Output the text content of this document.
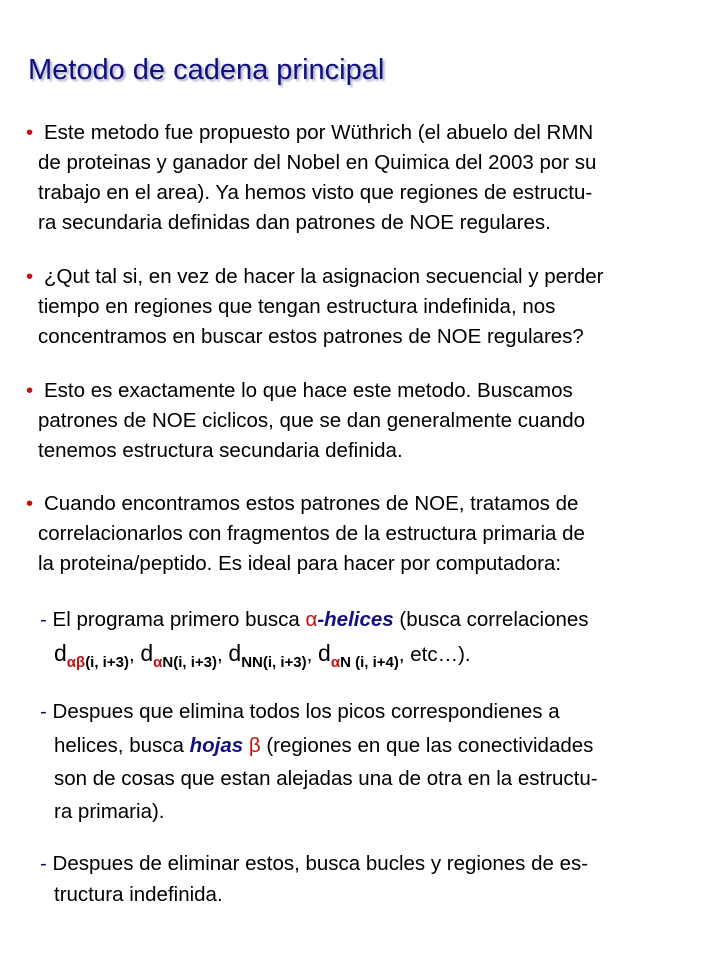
Metodo de cadena principal
• Este metodo fue propuesto por Wüthrich (el abuelo del RMN
de proteinas y ganador del Nobel en Quimica del 2003 por su
trabajo en el area). Ya hemos visto que regiones de estructu-
ra secundaria definidas dan patrones de NOE regulares.
• ¿Qut tal si, en vez de hacer la asignacion secuencial y perder
tiempo en regiones que tengan estructura indefinida, nos
concentramos en buscar estos patrones de NOE regulares?
• Esto es exactamente lo que hace este metodo. Buscamos
patrones de NOE ciclicos, que se dan generalmente cuando
tenemos estructura secundaria definida.
• Cuando encontramos estos patrones de NOE, tratamos de
correlacionarlos con fragmentos de la estructura primaria de
la proteina/peptido. Es ideal para hacer por computadora:
- El programa primero busca α-helices (busca correlaciones
$d_{\alpha\beta(i, i+3)}$, $d_{\alpha N(i, i+3)}$, $d_{NN(i, i+3)}$, $d_{\alpha N (i, i+4)}$, etc…).
- Despues que elimina todos los picos correspondienes a
helices, busca hojas β (regiones en que las conectividades
son de cosas que estan alejadas una de otra en la estructu-
ra primaria).
- Despues de eliminar estos, busca bucles y regiones de es-
tructura indefinida.
